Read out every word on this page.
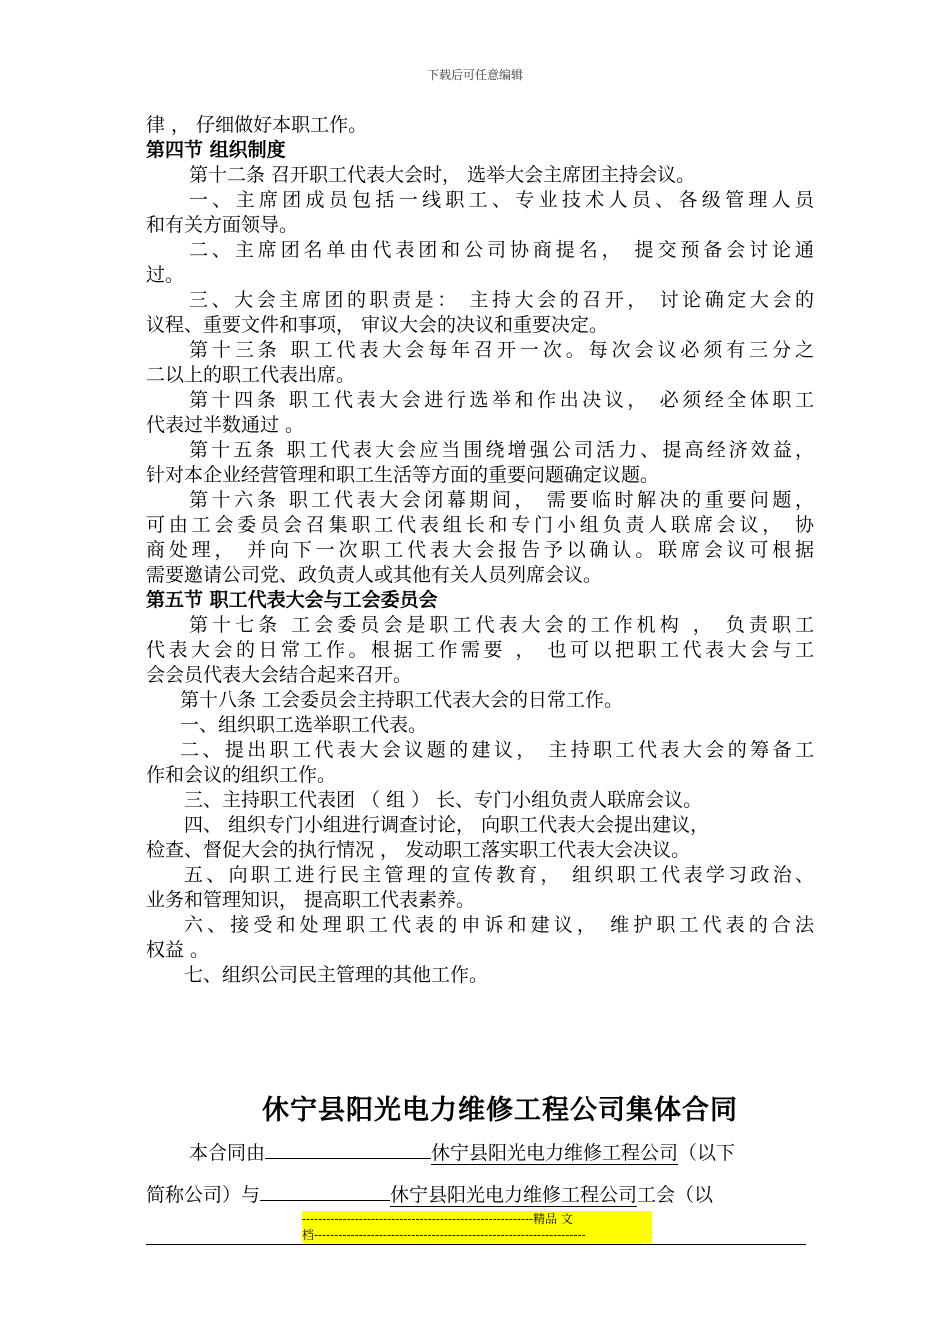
下载后可任意编辑
律 ， 仔细做好本职工作。
第四节 组织制度
第十二条 召开职工代表大会时， 选举大会主席团主持会议。
一、主席团成员包括一线职工、专业技术人员、各级管理人员
和有关方面领导。
二、主席团名单由代表团和公司协商提名， 提交预备会讨论通
过。
三、大会主席团的职责是： 主持大会的召开， 讨论确定大会的
议程、重要文件和事项， 审议大会的决议和重要决定。
第十三条 职工代表大会每年召开一次。每次会议必须有三分之
二以上的职工代表出席。
第十四条 职工代表大会进行选举和作出决议， 必须经全体职工
代表过半数通过 。
第十五条 职工代表大会应当围绕增强公司活力、提高经济效益，
针对本企业经营管理和职工生活等方面的重要问题确定议题。
第十六条 职工代表大会闭幕期间， 需要临时解决的重要问题，
可由工会委员会召集职工代表组长和专门小组负责人联席会议， 协
商处理， 并向下一次职工代表大会报告予以确认。联席会议可根据
需要邀请公司党、政负责人或其他有关人员列席会议。
第五节 职工代表大会与工会委员会
第十七条 工会委员会是职工代表大会的工作机构 ， 负责职工
代表大会的日常工作。根据工作需要 ， 也可以把职工代表大会与工
会会员代表大会结合起来召开。
第十八条 工会委员会主持职工代表大会的日常工作。
一、组织职工选举职工代表。
二、提出职工代表大会议题的建议， 主持职工代表大会的筹备工
作和会议的组织工作。
三、主持职工代表团 （ 组 ） 长、专门小组负责人联席会议。
四、 组织专门小组进行调查讨论， 向职工代表大会提出建议，
检查、督促大会的执行情况 ， 发动职工落实职工代表大会决议。
五、向职工进行民主管理的宣传教育， 组织职工代表学习政治、
业务和管理知识， 提高职工代表素养。
六、接受和处理职工代表的申诉和建议， 维护职工代表的合法
权益 。
七、组织公司民主管理的其他工作。
休宁县阳光电力维修工程公司集体合同
本合同由	休宁县阳光电力维修工程公司（以下
简称公司）与	休宁县阳光电力维修工程公司工会（以
---------------------------------------------------------精品 文
档-------------------------------------------------------------------
